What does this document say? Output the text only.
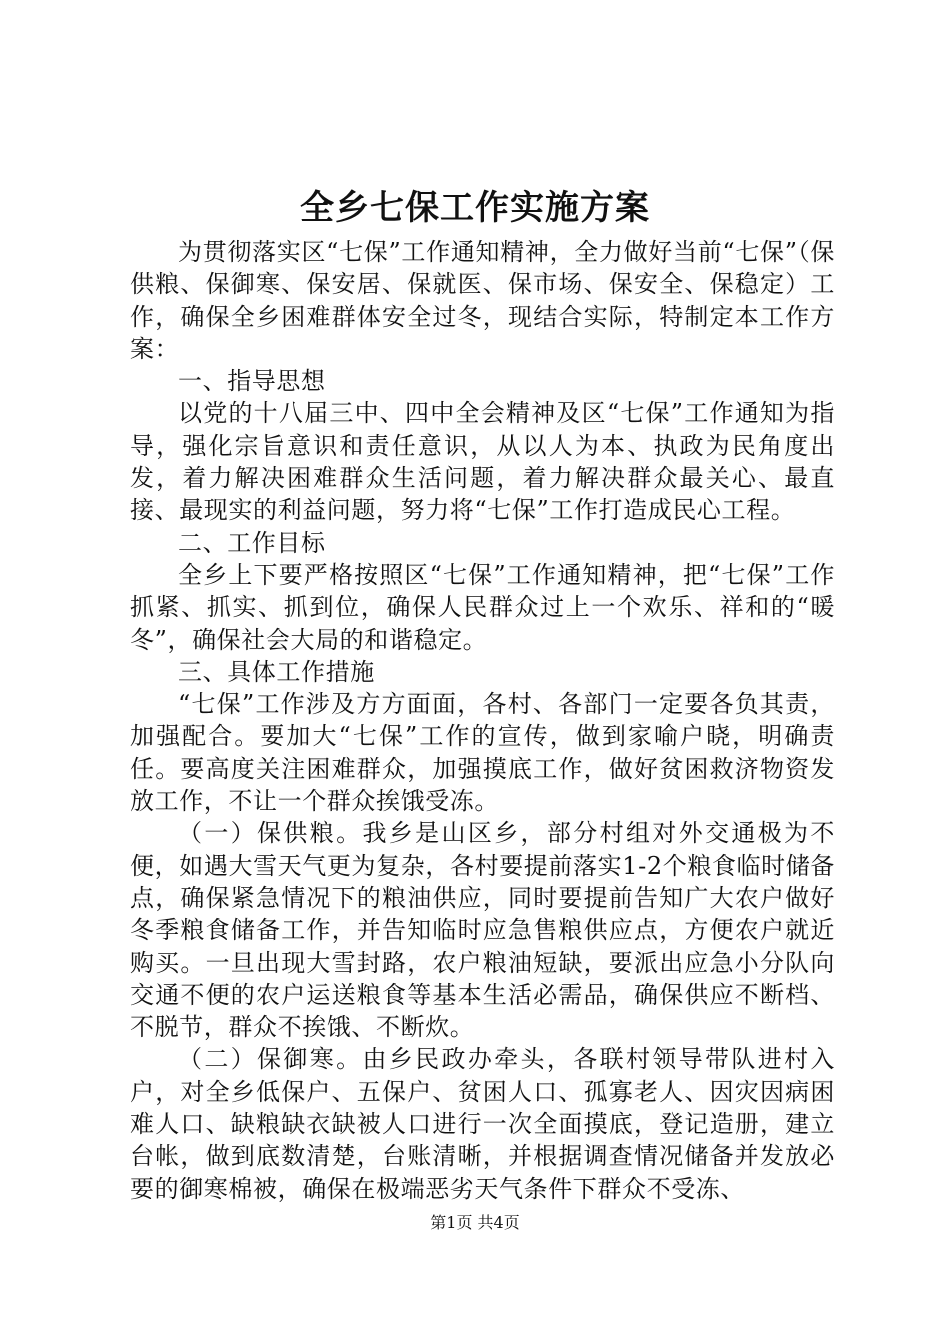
全乡七保工作实施方案

为贯彻落实区“七保”工作通知精神，全力做好当前“七保”（保供粮、保御寒、保安居、保就医、保市场、保安全、保稳定）工作，确保全乡困难群体安全过冬，现结合实际，特制定本工作方案：

一、指导思想

以党的十八届三中、四中全会精神及区“七保”工作通知为指导，强化宗旨意识和责任意识，从以人为本、执政为民角度出发，着力解决困难群众生活问题，着力解决群众最关心、最直接、最现实的利益问题，努力将“七保”工作打造成民心工程。

二、工作目标

全乡上下要严格按照区“七保”工作通知精神，把“七保”工作抓紧、抓实、抓到位，确保人民群众过上一个欢乐、祥和的“暖冬”，确保社会大局的和谐稳定。

三、具体工作措施

“七保”工作涉及方方面面，各村、各部门一定要各负其责，加强配合。要加大“七保”工作的宣传，做到家喻户晓，明确责任。要高度关注困难群众，加强摸底工作，做好贫困救济物资发放工作，不让一个群众挨饿受冻。

（一）保供粮。我乡是山区乡，部分村组对外交通极为不便，如遇大雪天气更为复杂，各村要提前落实1-2个粮食临时储备点，确保紧急情况下的粮油供应，同时要提前告知广大农户做好冬季粮食储备工作，并告知临时应急售粮供应点，方便农户就近购买。一旦出现大雪封路，农户粮油短缺，要派出应急小分队向交通不便的农户运送粮食等基本生活必需品，确保供应不断档、不脱节，群众不挨饿、不断炊。

（二）保御寒。由乡民政办牵头，各联村领导带队进村入户，对全乡低保户、五保户、贫困人口、孤寡老人、因灾因病困难人口、缺粮缺衣缺被人口进行一次全面摸底，登记造册，建立台帐，做到底数清楚，台账清晰，并根据调查情况储备并发放必要的御寒棉被，确保在极端恶劣天气条件下群众不受冻、

第1页 共4页
